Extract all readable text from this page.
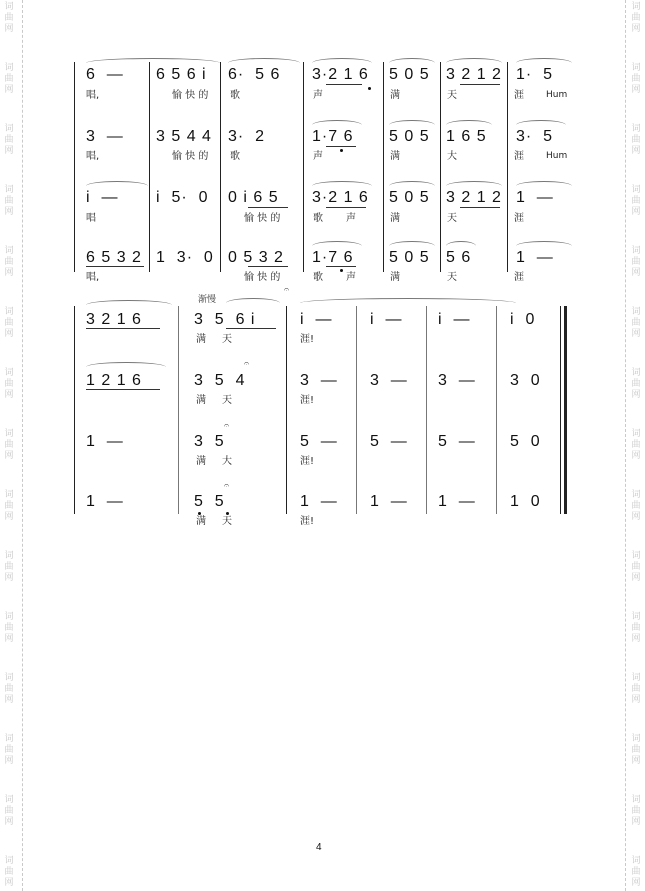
词
曲
网
词
曲
网
词
曲
网
词
曲
网
词
曲
网
词
曲
网
词
曲
网
词
曲
网
词
曲
网
词
曲
网
词
曲
网
词
曲
网
词
曲
网
词
曲
网
词
曲
网
词
曲
网
词
曲
网
词
曲
网
词
曲
网
词
曲
网
词
曲
网
词
曲
网
词
曲
网
词
曲
网
词
曲
网
词
曲
网
词
曲
网
词
曲
网
词
曲
网
词
曲
网
6  — 6 5 6 i 6·  5 6 3·2 1 6 5 0 5 3 2 1 2 1·  5
唱,	愉 快 的 歌	声	满	天	涯 Hum
3  — 3 5 4 4 3·  2	1·7 6 5 0 5 1 6 5 3·  5
唱,	愉 快 的 歌	声	满	大	涯 Hum
i  — i  5·  0 0 i 6 5 3·2 1 6 5 0 5 3 2 1 2 1  —
唱	愉 快 的	歌 声	满	天	涯
6 5 3 2 1  3·  0 0 5 3 2 1·7 6 5 0 5 5 6	1  —
唱,	愉 快 的	歌 声	满	天	涯
渐慢
3 2 1 6	3  5  6 i	i  — i  — i  — i  0
满 天	涯!
𝄐
1 2 1 6	3  5  4	3  — 3  — 3  — 3  0
满 天	涯!
𝄐
1  —	3  5	5  — 5  — 5  — 5  0
满 大	涯!
𝄐
1  —	5  5	1  — 1  — 1  — 1  0
满 天	涯!
𝄐
4
